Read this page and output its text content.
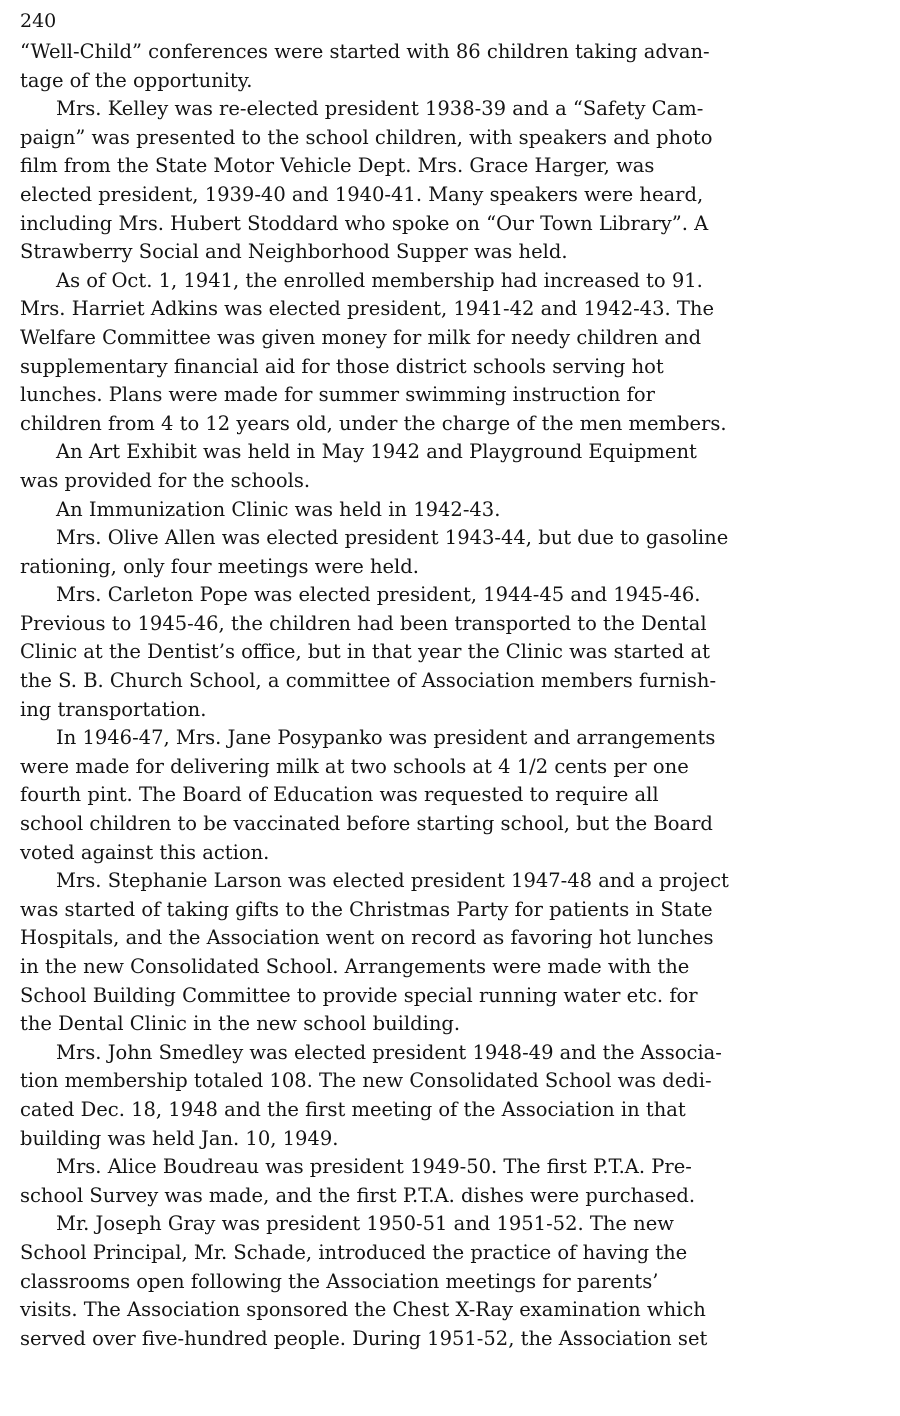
240
“Well-Child” conferences were started with 86 children taking advan-
tage of the opportunity.
Mrs. Kelley was re-elected president 1938-39 and a “Safety Cam-
paign” was presented to the school children, with speakers and photo
film from the State Motor Vehicle Dept. Mrs. Grace Harger, was
elected president, 1939-40 and 1940-41. Many speakers were heard,
including Mrs. Hubert Stoddard who spoke on “Our Town Library”. A
Strawberry Social and Neighborhood Supper was held.
As of Oct. 1, 1941, the enrolled membership had increased to 91.
Mrs. Harriet Adkins was elected president, 1941-42 and 1942-43. The
Welfare Committee was given money for milk for needy children and
supplementary financial aid for those district schools serving hot
lunches. Plans were made for summer swimming instruction for
children from 4 to 12 years old, under the charge of the men members.
An Art Exhibit was held in May 1942 and Playground Equipment
was provided for the schools.
An Immunization Clinic was held in 1942-43.
Mrs. Olive Allen was elected president 1943-44, but due to gasoline
rationing, only four meetings were held.
Mrs. Carleton Pope was elected president, 1944-45 and 1945-46.
Previous to 1945-46, the children had been transported to the Dental
Clinic at the Dentist’s office, but in that year the Clinic was started at
the S. B. Church School, a committee of Association members furnish-
ing transportation.
In 1946-47, Mrs. Jane Posypanko was president and arrangements
were made for delivering milk at two schools at 4 1/2 cents per one
fourth pint. The Board of Education was requested to require all
school children to be vaccinated before starting school, but the Board
voted against this action.
Mrs. Stephanie Larson was elected president 1947-48 and a project
was started of taking gifts to the Christmas Party for patients in State
Hospitals, and the Association went on record as favoring hot lunches
in the new Consolidated School. Arrangements were made with the
School Building Committee to provide special running water etc. for
the Dental Clinic in the new school building.
Mrs. John Smedley was elected president 1948-49 and the Associa-
tion membership totaled 108. The new Consolidated School was dedi-
cated Dec. 18, 1948 and the first meeting of the Association in that
building was held Jan. 10, 1949.
Mrs. Alice Boudreau was president 1949-50. The first P.T.A. Pre-
school Survey was made, and the first P.T.A. dishes were purchased.
Mr. Joseph Gray was president 1950-51 and 1951-52. The new
School Principal, Mr. Schade, introduced the practice of having the
classrooms open following the Association meetings for parents’
visits. The Association sponsored the Chest X-Ray examination which
served over five-hundred people. During 1951-52, the Association set
